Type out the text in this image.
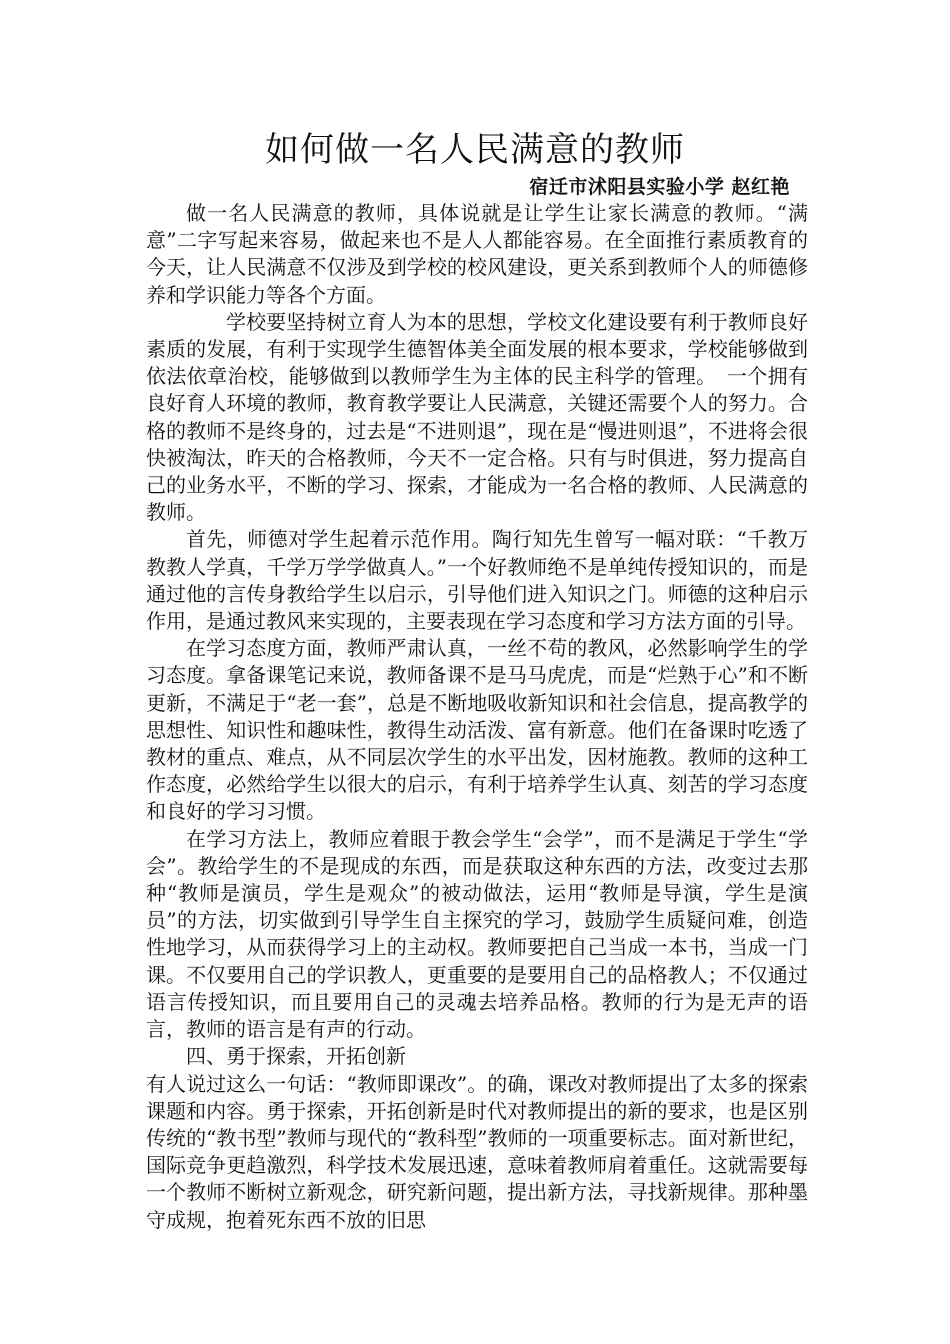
如何做一名人民满意的教师
宿迁市沭阳县实验小学 赵红艳

做一名人民满意的教师，具体说就是让学生让家长满意的教师。“满意”二字写起来容易，做起来也不是人人都能容易。在全面推行素质教育的今天，让人民满意不仅涉及到学校的校风建设，更关系到教师个人的师德修养和学识能力等各个方面。

学校要坚持树立育人为本的思想，学校文化建设要有利于教师良好素质的发展，有利于实现学生德智体美全面发展的根本要求，学校能够做到依法依章治校，能够做到以教师学生为主体的民主科学的管理。　一个拥有良好育人环境的教师，教育教学要让人民满意，关键还需要个人的努力。合格的教师不是终身的，过去是“不进则退”，现在是“慢进则退”，不进将会很快被淘汰，昨天的合格教师，今天不一定合格。只有与时俱进，努力提高自己的业务水平，不断的学习、探索，才能成为一名合格的教师、人民满意的教师。

首先，师德对学生起着示范作用。陶行知先生曾写一幅对联：“千教万教教人学真，千学万学学做真人。”一个好教师绝不是单纯传授知识的，而是通过他的言传身教给学生以启示，引导他们进入知识之门。师德的这种启示作用，是通过教风来实现的，主要表现在学习态度和学习方法方面的引导。

在学习态度方面，教师严肃认真，一丝不苟的教风，必然影响学生的学习态度。拿备课笔记来说，教师备课不是马马虎虎，而是“烂熟于心”和不断更新，不满足于“老一套”，总是不断地吸收新知识和社会信息，提高教学的思想性、知识性和趣味性，教得生动活泼、富有新意。他们在备课时吃透了教材的重点、难点，从不同层次学生的水平出发，因材施教。教师的这种工作态度，必然给学生以很大的启示，有利于培养学生认真、刻苦的学习态度和良好的学习习惯。

在学习方法上，教师应着眼于教会学生“会学”，而不是满足于学生“学会”。教给学生的不是现成的东西，而是获取这种东西的方法，改变过去那种“教师是演员，学生是观众”的被动做法，运用“教师是导演，学生是演员”的方法，切实做到引导学生自主探究的学习，鼓励学生质疑问难，创造性地学习，从而获得学习上的主动权。教师要把自己当成一本书，当成一门课。不仅要用自己的学识教人，更重要的是要用自己的品格教人；不仅通过语言传授知识，而且要用自己的灵魂去培养品格。教师的行为是无声的语言，教师的语言是有声的行动。

四、勇于探索，开拓创新

有人说过这么一句话：“教师即课改”。的确，课改对教师提出了太多的探索课题和内容。勇于探索，开拓创新是时代对教师提出的新的要求，也是区别传统的“教书型”教师与现代的“教科型”教师的一项重要标志。面对新世纪，国际竞争更趋激烈，科学技术发展迅速，意味着教师肩着重任。这就需要每一个教师不断树立新观念，研究新问题，提出新方法，寻找新规律。那种墨守成规，抱着死东西不放的旧思
